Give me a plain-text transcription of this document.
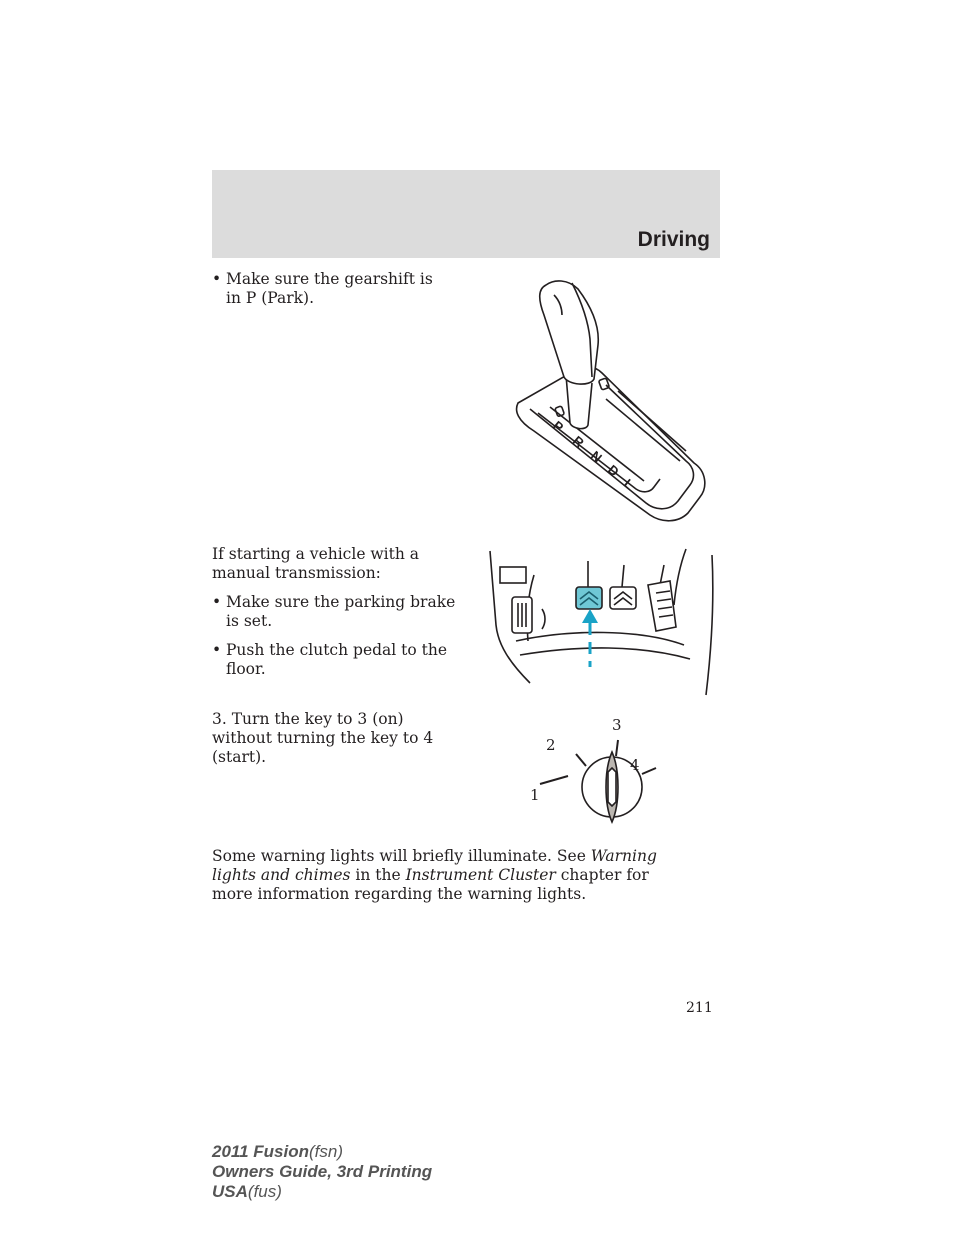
Driving
• Make sure the gearshift is in P (Park).
P
R
N
D
L

If starting a vehicle with a manual transmission:

• Make sure the parking brake is set.
• Push the clutch pedal to the floor.

3. Turn the key to 3 (on) without turning the key to 4 (start).

1
2
3
4

Some warning lights will briefly illuminate. See Warning lights and chimes in the Instrument Cluster chapter for more information regarding the warning lights.

211
2011 Fusion(fsn)
Owners Guide, 3rd Printing
USA(fus)
